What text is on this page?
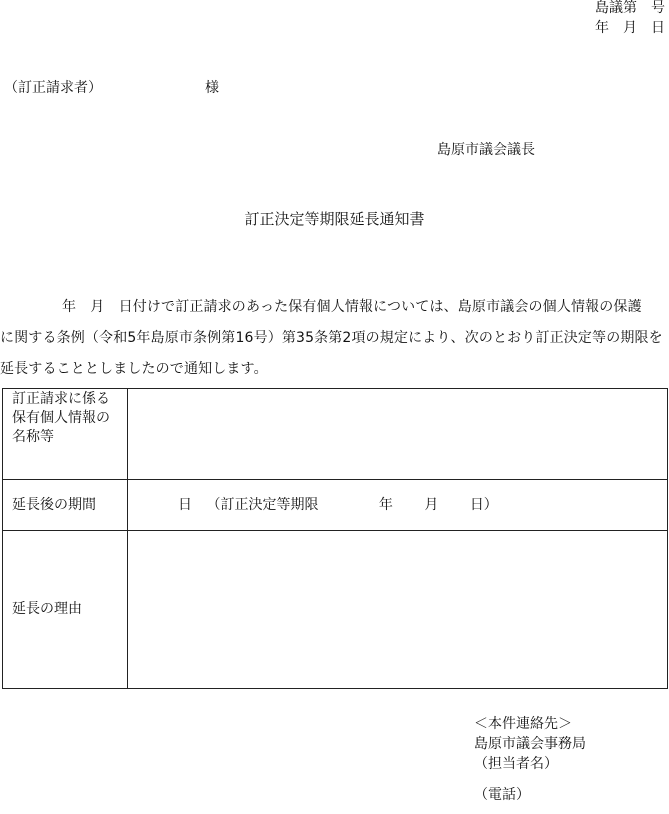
島議第　号
年　月　日
（訂正請求者）	様
島原市議会議長
訂正決定等期限延長通知書
年　月　日付けで訂正請求のあった保有個人情報については、島原市議会の個人情報の保護
に関する条例（令和5年島原市条例第16号）第35条第2項の規定により、次のとおり訂正決定等の期限を
延長することとしましたので通知します。
訂正請求に係る
保有個人情報の
名称等	

延長後の期間	日 （訂正決定等期限 年 月 日）
延長の理由	
＜本件連絡先＞
島原市議会事務局
（担当者名）
（電話）
